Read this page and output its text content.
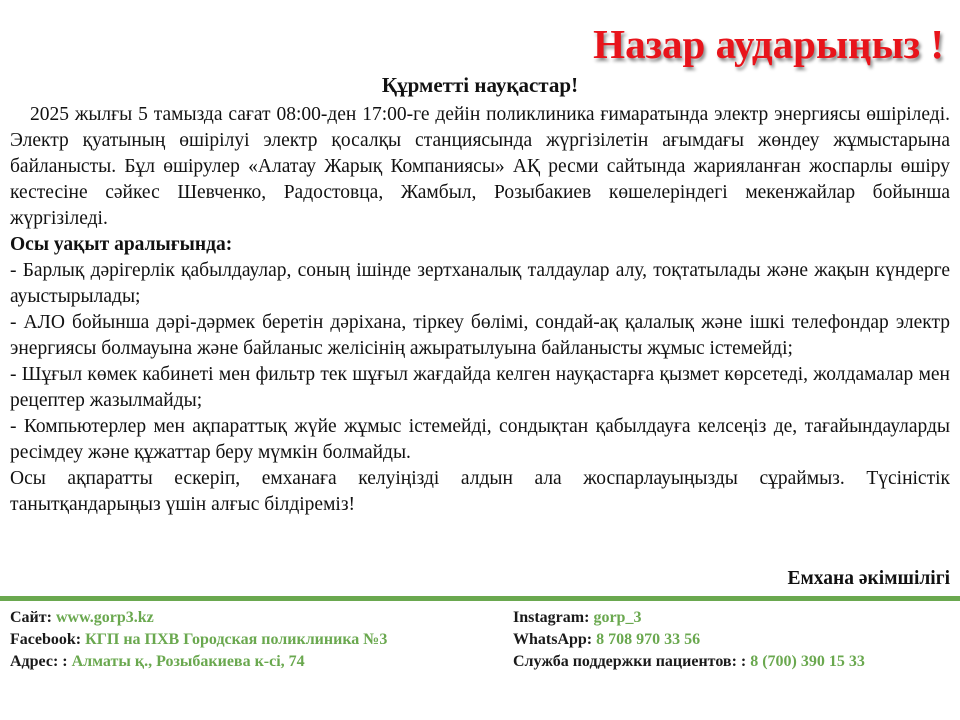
Назар аударыңыз !
Құрметті науқастар!

2025 жылғы 5 тамызда сағат 08:00-ден 17:00-ге дейін поликлиника ғимаратында электр энергиясы өшіріледі. Электр қуатының өшірілуі электр қосалқы станциясында жүргізілетін ағымдағы жөндеу жұмыстарына байланысты. Бұл өшірулер «Алатау Жарық Компаниясы» АҚ ресми сайтында жарияланған жоспарлы өшіру кестесіне сәйкес Шевченко, Радостовца, Жамбыл, Розыбакиев көшелеріндегі мекенжайлар бойынша жүргізіледі.

Осы уақыт аралығында:

- Барлық дәрігерлік қабылдаулар, соның ішінде зертханалық талдаулар алу, тоқтатылады және жақын күндерге ауыстырылады;

- АЛО бойынша дәрі-дәрмек беретін дәріхана, тіркеу бөлімі, сондай-ақ қалалық және ішкі телефондар электр энергиясы болмауына және байланыс желісінің ажыратылуына байланысты жұмыс істемейді;

- Шұғыл көмек кабинеті мен фильтр тек шұғыл жағдайда келген науқастарға қызмет көрсетеді, жолдамалар мен рецептер жазылмайды;

- Компьютерлер мен ақпараттық жүйе жұмыс істемейді, сондықтан қабылдауға келсеңіз де, тағайындауларды ресімдеу және құжаттар беру мүмкін болмайды.

Осы ақпаратты ескеріп, емханаға келуіңізді алдын ала жоспарлауыңызды сұраймыз. Түсіністік танытқандарыңыз үшін алғыс білдіреміз!

Емхана әкімшілігі
Сайт: www.gorp3.kz
Facebook: КГП на ПХВ Городская поликлиника №3
Адрес: : Алматы қ., Розыбакиева к-сі, 74
Instagram: gorp_3
WhatsApp: 8 708 970 33 56
Служба поддержки пациентов: : 8 (700) 390 15 33
